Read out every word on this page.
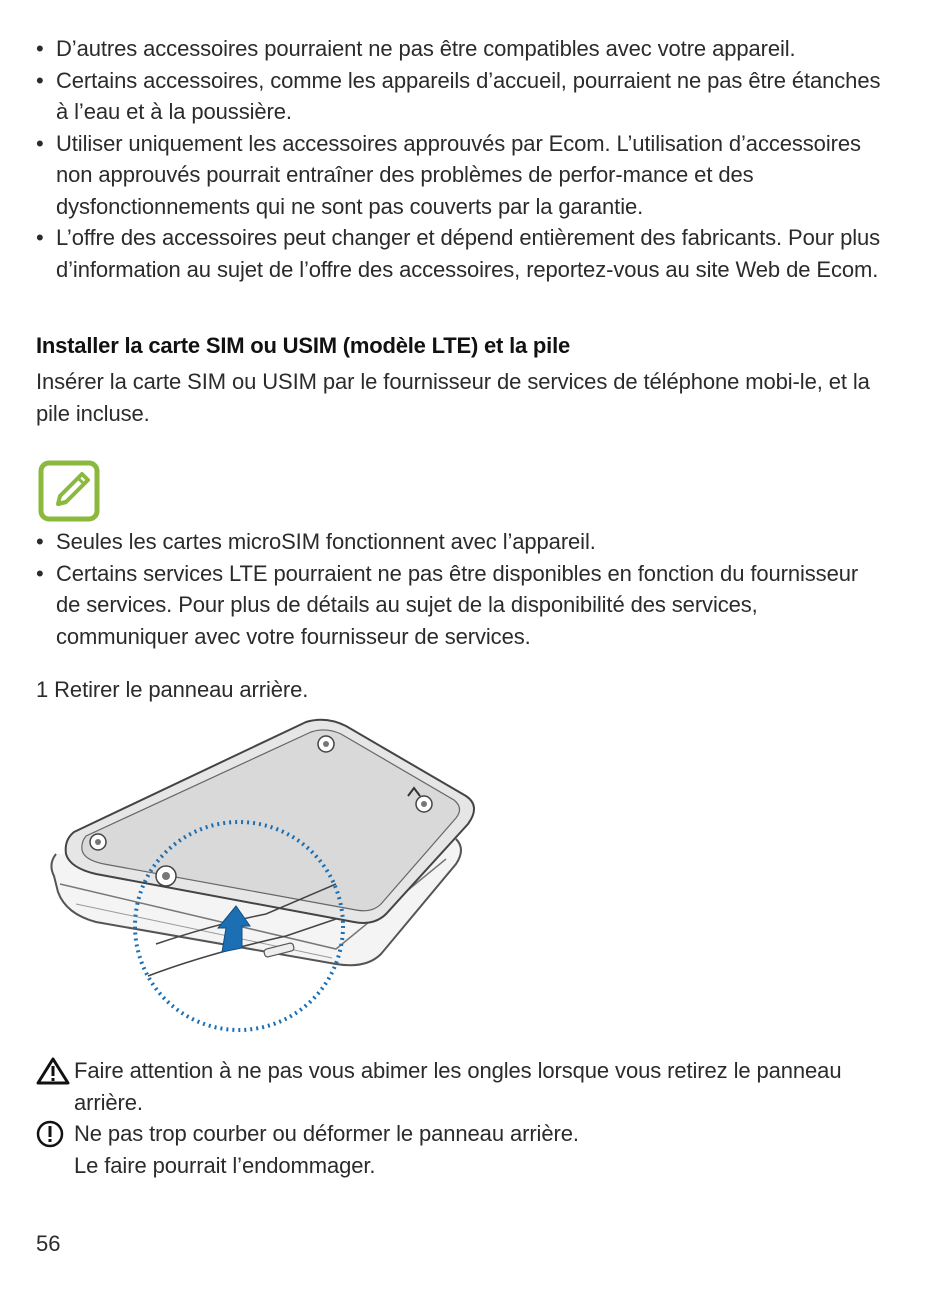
• D’autres accessoires pourraient ne pas être compatibles avec votre appareil.
• Certains accessoires, comme les appareils d’accueil, pourraient ne pas être étanches à l’eau et à la poussière.
• Utiliser uniquement les accessoires approuvés par Ecom. L’utilisation d’accessoires non approuvés pourrait entraîner des problèmes de perfor-mance et des dysfonctionnements qui ne sont pas couverts par la garantie.
• L’offre des accessoires peut changer et dépend entièrement des fabricants. Pour plus d’information au sujet de l’offre des accessoires, reportez-vous au site Web de Ecom.
Installer la carte SIM ou USIM (modèle LTE) et la pile
Insérer la carte SIM ou USIM par le fournisseur de services de téléphone mobi-le, et la pile incluse.
• Seules les cartes microSIM fonctionnent avec l’appareil.
• Certains services LTE pourraient ne pas être disponibles en fonction du fournisseur de services. Pour plus de détails au sujet de la disponibilité des services, communiquer avec votre fournisseur de services.
1 Retirer le panneau arrière.
Faire attention à ne pas vous abimer les ongles lorsque vous retirez le panneau arrière.
Ne pas trop courber ou déformer le panneau arrière.
Le faire pourrait l’endommager.
56
